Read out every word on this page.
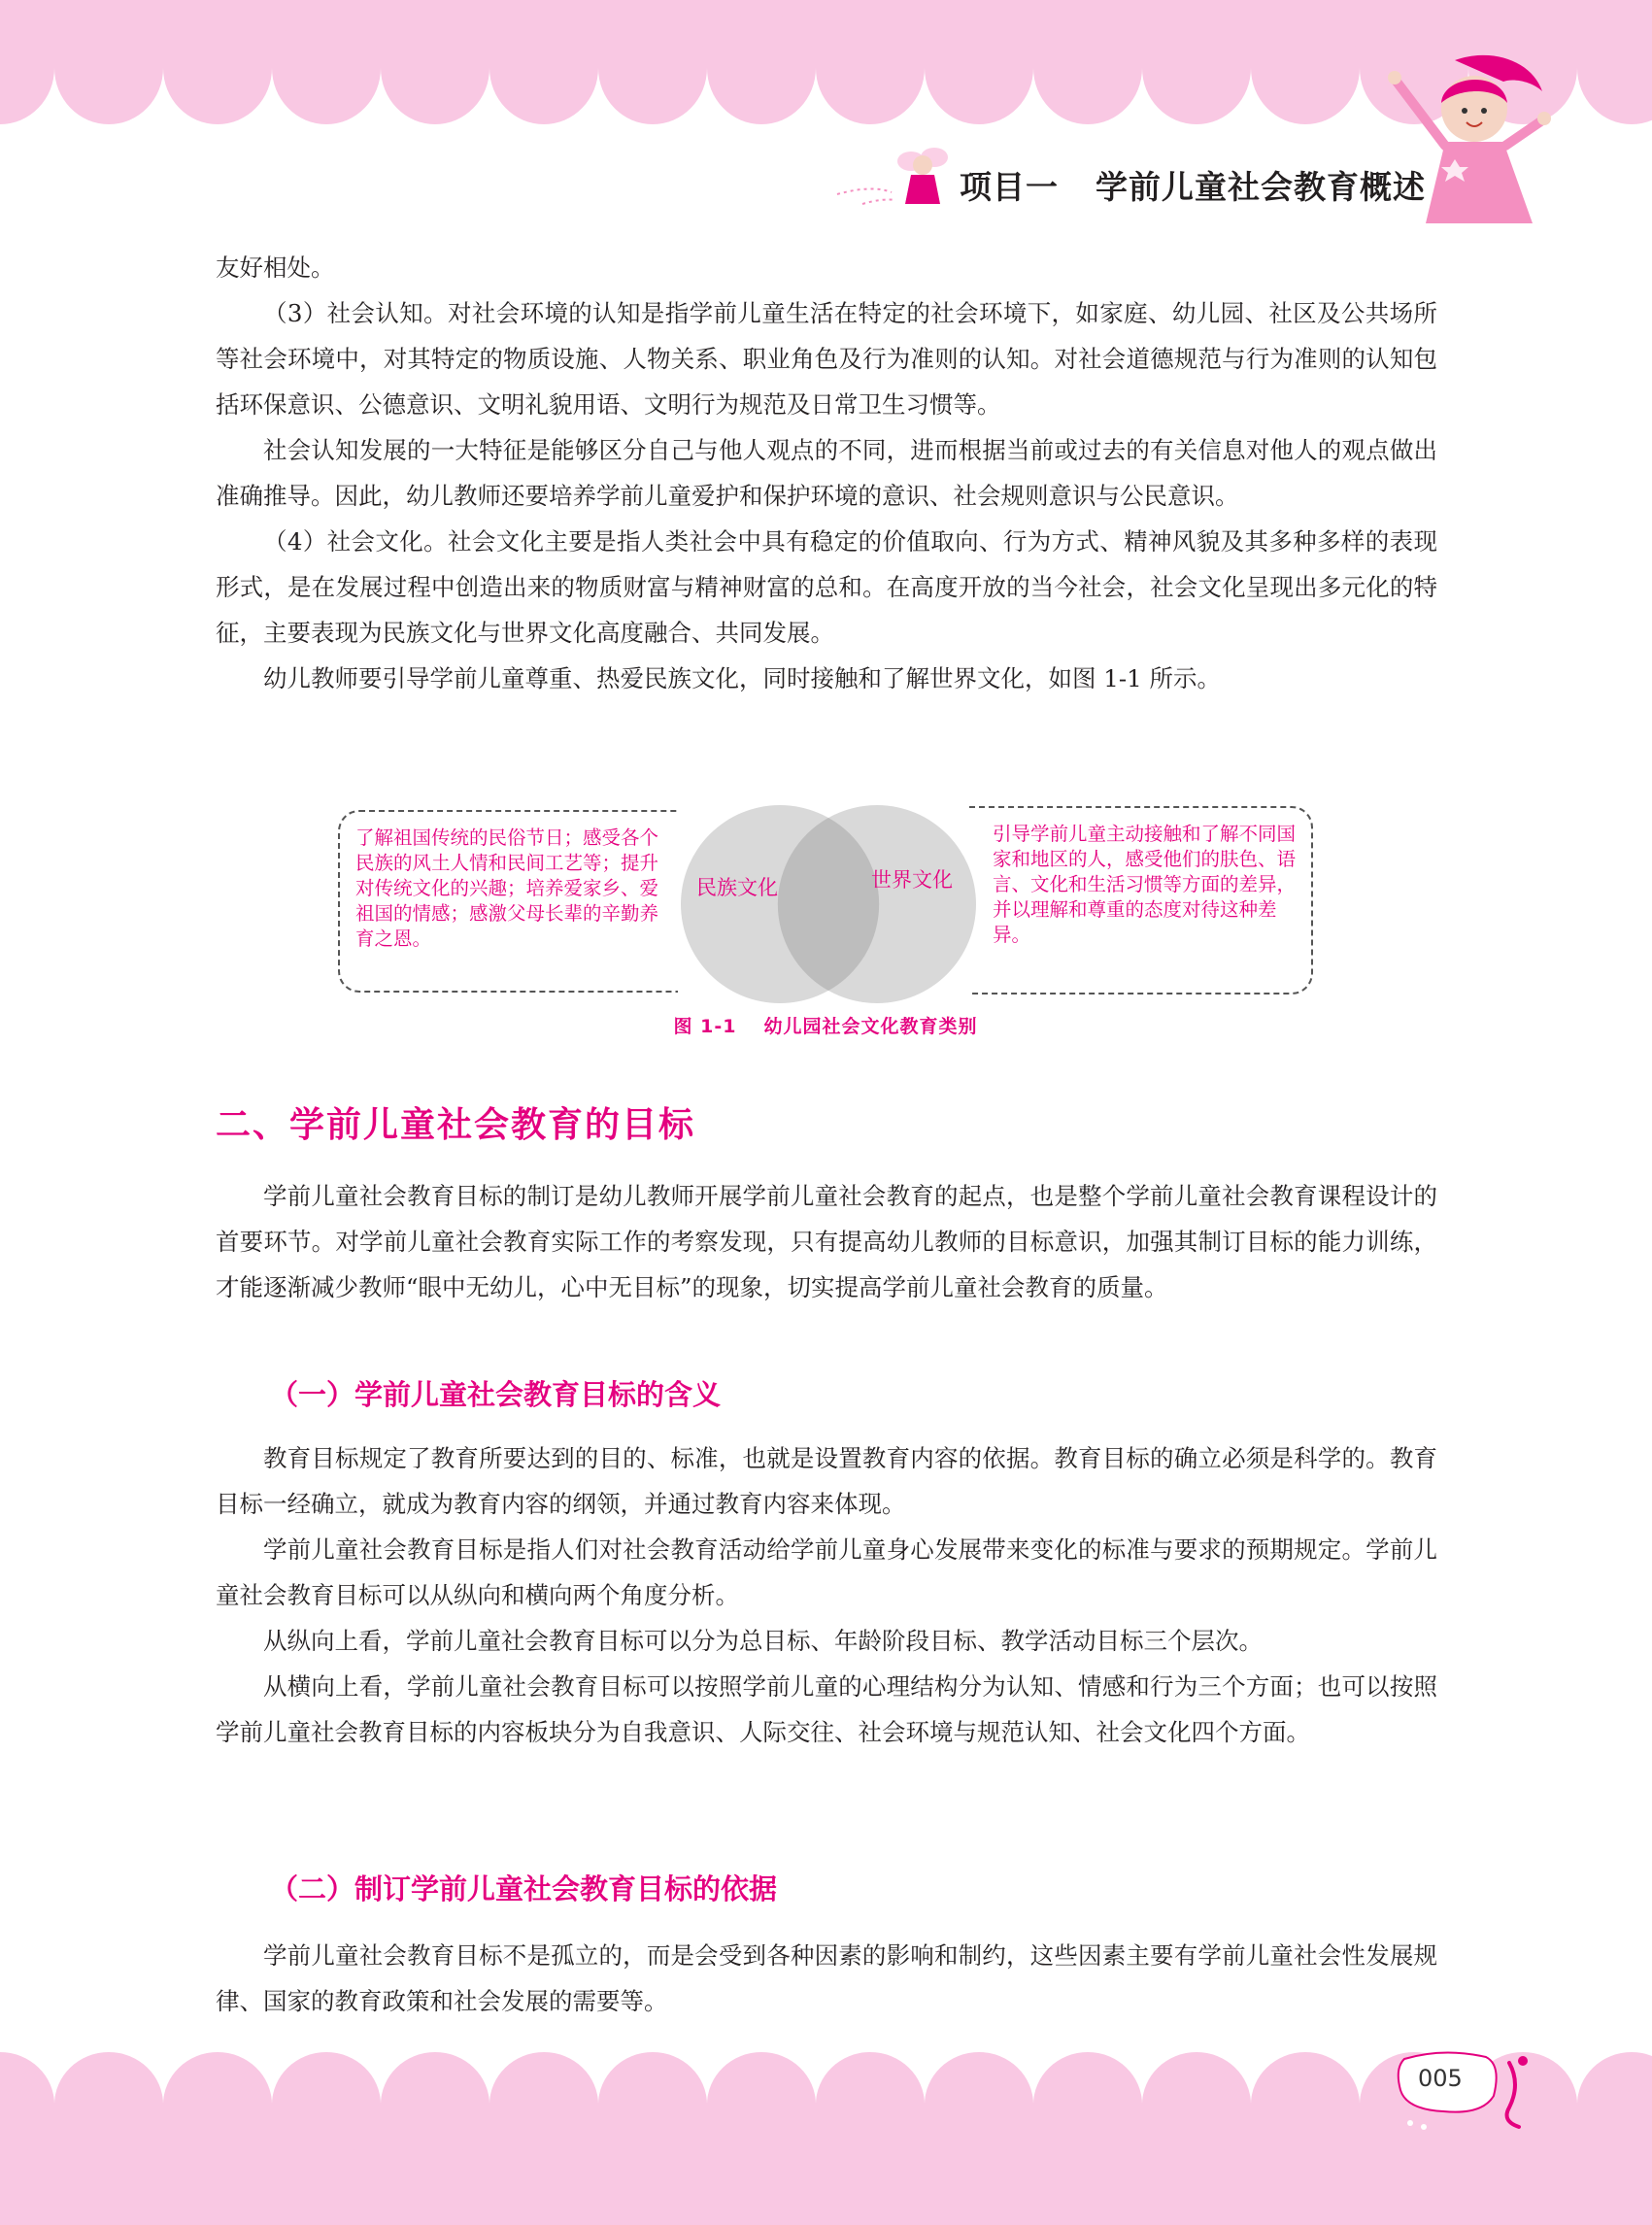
项目一 学前儿童社会教育概述

友好相处。

（3）社会认知。对社会环境的认知是指学前儿童生活在特定的社会环境下，如家庭、幼儿园、社区及公共场所等社会环境中，对其特定的物质设施、人物关系、职业角色及行为准则的认知。对社会道德规范与行为准则的认知包括环保意识、公德意识、文明礼貌用语、文明行为规范及日常卫生习惯等。

社会认知发展的一大特征是能够区分自己与他人观点的不同，进而根据当前或过去的有关信息对他人的观点做出准确推导。因此，幼儿教师还要培养学前儿童爱护和保护环境的意识、社会规则意识与公民意识。

（4）社会文化。社会文化主要是指人类社会中具有稳定的价值取向、行为方式、精神风貌及其多种多样的表现形式，是在发展过程中创造出来的物质财富与精神财富的总和。在高度开放的当今社会，社会文化呈现出多元化的特征，主要表现为民族文化与世界文化高度融合、共同发展。

幼儿教师要引导学前儿童尊重、热爱民族文化，同时接触和了解世界文化，如图 1-1 所示。

了解祖国传统的民俗节日；感受各个民族的风土人情和民间工艺等；提升对传统文化的兴趣；培养爱家乡、爱祖国的情感；感激父母长辈的辛勤养育之恩。
引导学前儿童主动接触和了解不同国家和地区的人，感受他们的肤色、语言、文化和生活习惯等方面的差异，并以理解和尊重的态度对待这种差异。
民族文化	世界文化
图 1-1 幼儿园社会文化教育类别
二、学前儿童社会教育的目标

学前儿童社会教育目标的制订是幼儿教师开展学前儿童社会教育的起点，也是整个学前儿童社会教育课程设计的首要环节。对学前儿童社会教育实际工作的考察发现，只有提高幼儿教师的目标意识，加强其制订目标的能力训练，才能逐渐减少教师“眼中无幼儿，心中无目标”的现象，切实提高学前儿童社会教育的质量。

（一）学前儿童社会教育目标的含义

教育目标规定了教育所要达到的目的、标准，也就是设置教育内容的依据。教育目标的确立必须是科学的。教育目标一经确立，就成为教育内容的纲领，并通过教育内容来体现。

学前儿童社会教育目标是指人们对社会教育活动给学前儿童身心发展带来变化的标准与要求的预期规定。学前儿童社会教育目标可以从纵向和横向两个角度分析。

从纵向上看，学前儿童社会教育目标可以分为总目标、年龄阶段目标、教学活动目标三个层次。

从横向上看，学前儿童社会教育目标可以按照学前儿童的心理结构分为认知、情感和行为三个方面；也可以按照学前儿童社会教育目标的内容板块分为自我意识、人际交往、社会环境与规范认知、社会文化四个方面。

（二）制订学前儿童社会教育目标的依据

学前儿童社会教育目标不是孤立的，而是会受到各种因素的影响和制约，这些因素主要有学前儿童社会性发展规律、国家的教育政策和社会发展的需要等。

005
